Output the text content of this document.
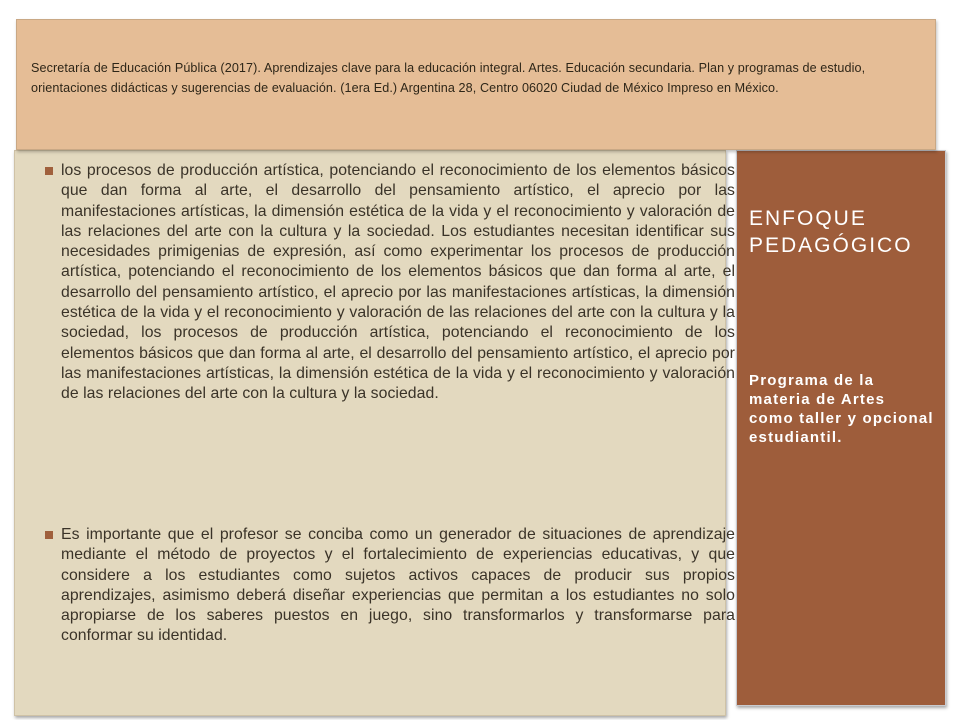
los procesos de producción artística, potenciando el reconocimiento de los elementos básicos que dan forma al arte, el desarrollo del pensamiento artístico, el aprecio por las manifestaciones artísticas, la dimensión estética de la vida y el reconocimiento y valoración de las relaciones del arte con la cultura y la sociedad. Los estudiantes necesitan identificar sus necesidades primigenias de expresión, así como experimentar los procesos de producción artística, potenciando el reconocimiento de los elementos básicos que dan forma al arte, el desarrollo del pensamiento artístico, el aprecio por las manifestaciones artísticas, la dimensión estética de la vida y el reconocimiento y valoración de las relaciones del arte con la cultura y la sociedad, los procesos de producción artística, potenciando el reconocimiento de los elementos básicos que dan forma al arte, el desarrollo del pensamiento artístico, el aprecio por las manifestaciones artísticas, la dimensión estética de la vida y el reconocimiento y valoración de las relaciones del arte con la cultura y la sociedad.
Es importante que el profesor se conciba como un generador de situaciones de aprendizaje mediante el método de proyectos y el fortalecimiento de experiencias educativas, y que considere a los estudiantes como sujetos activos capaces de producir sus propios aprendizajes, asimismo deberá diseñar experiencias que permitan a los estudiantes no solo apropiarse de los saberes puestos en juego, sino transformarlos y transformarse para conformar su identidad.
ENFOQUE PEDAGÓGICO
Programa de la materia de Artes como taller y opcional estudiantil.
Secretaría de Educación Pública (2017). Aprendizajes clave para la educación integral. Artes. Educación secundaria. Plan y programas de estudio, orientaciones didácticas y sugerencias de evaluación. (1era Ed.) Argentina 28, Centro 06020 Ciudad de México Impreso en México.
